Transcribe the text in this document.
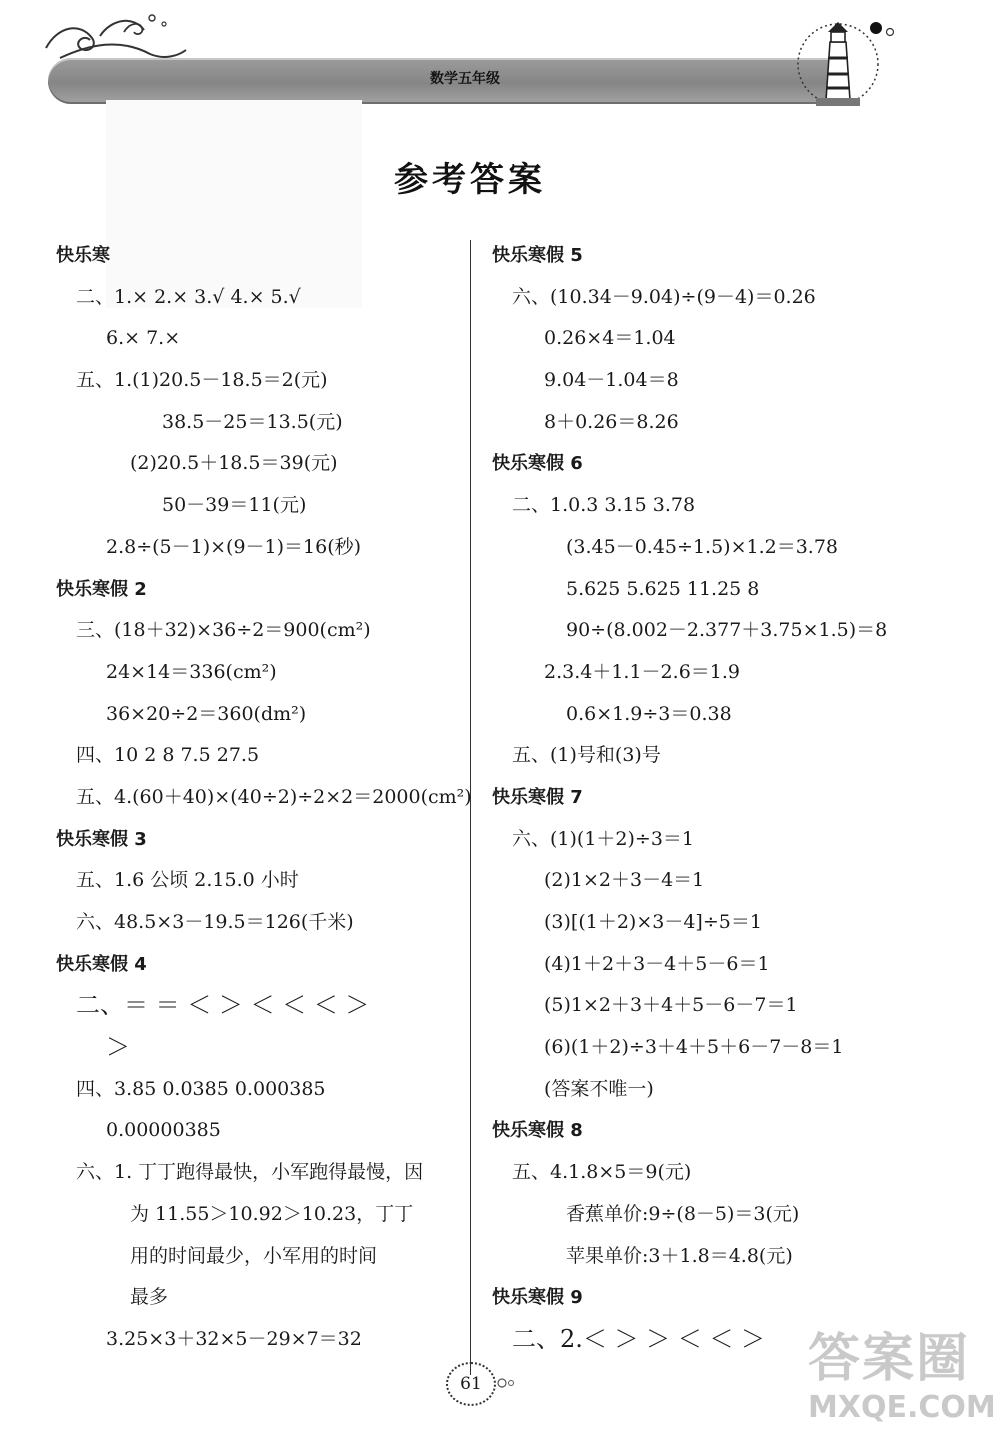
数学五年级
参考答案
快乐寒
二、1.× 2.× 3.√ 4.× 5.√
6.× 7.×
五、1.(1)20.5－18.5＝2(元)
38.5－25＝13.5(元)
(2)20.5＋18.5＝39(元)
50－39＝11(元)
2.8÷(5－1)×(9－1)＝16(秒)
快乐寒假 2
三、(18＋32)×36÷2＝900(cm²)
24×14＝336(cm²)
36×20÷2＝360(dm²)
四、10 2 8 7.5 27.5
五、4.(60＋40)×(40÷2)÷2×2＝2000(cm²)
快乐寒假 3
五、1.6 公顷 2.15.0 小时
六、48.5×3－19.5＝126(千米)
快乐寒假 4
二、＝ ＝ ＜ ＞ ＜ ＜ ＜ ＞
＞
四、3.85 0.0385 0.000385
0.00000385
六、1. 丁丁跑得最快，小军跑得最慢，因
为 11.55＞10.92＞10.23，丁丁
用的时间最少，小军用的时间
最多
3.25×3＋32×5－29×7＝32
快乐寒假 5
六、(10.34－9.04)÷(9－4)＝0.26
0.26×4＝1.04
9.04－1.04＝8
8＋0.26＝8.26
快乐寒假 6
二、1.0.3 3.15 3.78
(3.45－0.45÷1.5)×1.2＝3.78
5.625 5.625 11.25 8
90÷(8.002－2.377＋3.75×1.5)＝8
2.3.4＋1.1－2.6＝1.9
0.6×1.9÷3＝0.38
五、(1)号和(3)号
快乐寒假 7
六、(1)(1＋2)÷3＝1
(2)1×2＋3－4＝1
(3)[(1＋2)×3－4]÷5＝1
(4)1＋2＋3－4＋5－6＝1
(5)1×2＋3＋4＋5－6－7＝1
(6)(1＋2)÷3＋4＋5＋6－7－8＝1
(答案不唯一)
快乐寒假 8
五、4.1.8×5＝9(元)
香蕉单价:9÷(8－5)＝3(元)
苹果单价:3＋1.8＝4.8(元)
快乐寒假 9
二、2.＜ ＞ ＞ ＜ ＜ ＞
61	答案圈
MXQE.COM
